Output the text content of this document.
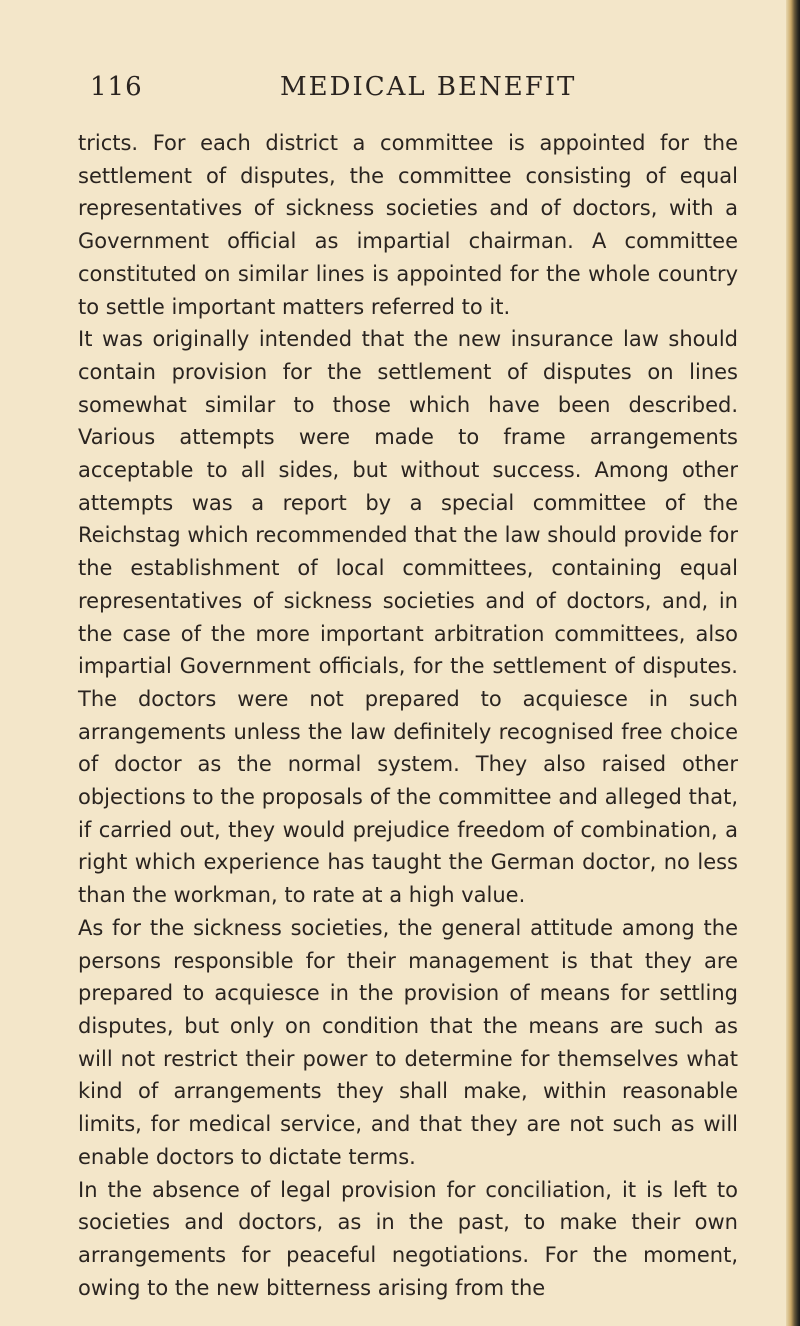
116	MEDICAL BENEFIT

tricts. For each district a committee is appointed for the settlement of disputes, the committee consisting of equal representatives of sickness societies and of doctors, with a Government official as impartial chairman. A committee constituted on similar lines is appointed for the whole country to settle important matters referred to it.

It was originally intended that the new insurance law should contain provision for the settlement of disputes on lines somewhat similar to those which have been described. Various attempts were made to frame arrangements acceptable to all sides, but without success. Among other attempts was a report by a special committee of the Reichstag which recommended that the law should provide for the establishment of local committees, containing equal representatives of sickness societies and of doctors, and, in the case of the more important arbitration committees, also impartial Government officials, for the settlement of disputes. The doctors were not prepared to acquiesce in such arrangements unless the law definitely recognised free choice of doctor as the normal system. They also raised other objections to the proposals of the committee and alleged that, if carried out, they would prejudice freedom of combination, a right which experience has taught the German doctor, no less than the workman, to rate at a high value.

As for the sickness societies, the general attitude among the persons responsible for their management is that they are prepared to acquiesce in the provision of means for settling disputes, but only on condition that the means are such as will not restrict their power to determine for themselves what kind of arrangements they shall make, within reasonable limits, for medical service, and that they are not such as will enable doctors to dictate terms.

In the absence of legal provision for conciliation, it is left to societies and doctors, as in the past, to make their own arrangements for peaceful negotiations. For the moment, owing to the new bitterness arising from the
